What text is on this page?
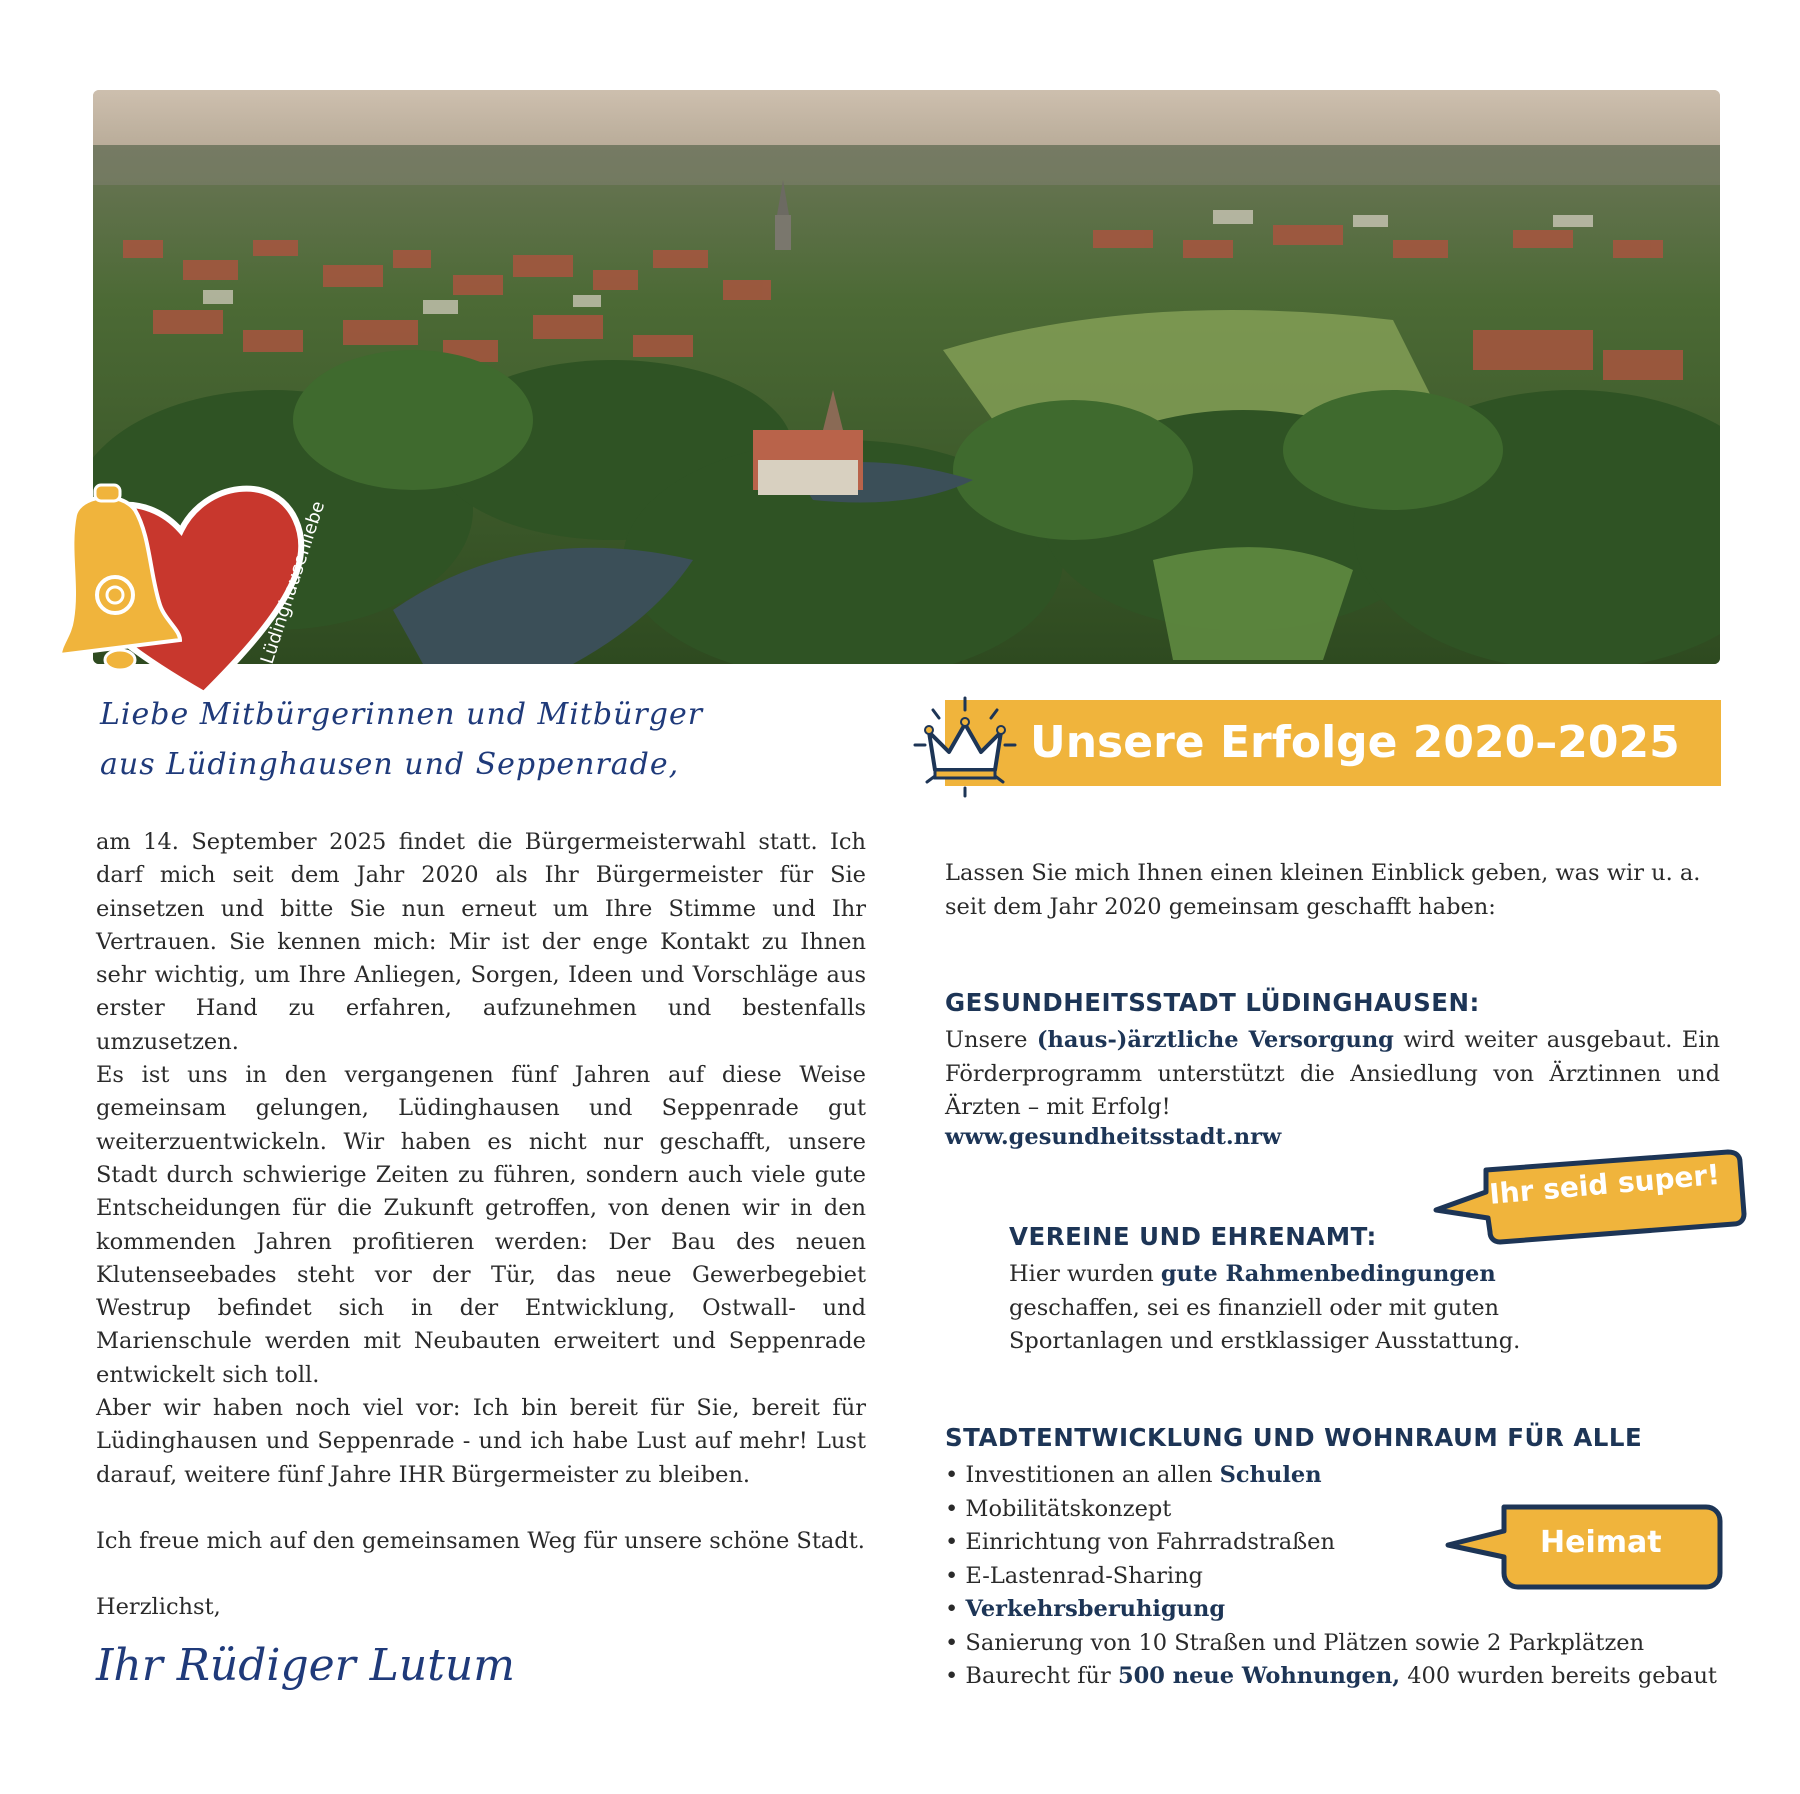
Lüdinghausenliebe
Liebe Mitbürgerinnen und Mitbürger
aus Lüdinghausen und Seppenrade,

am 14. September 2025 findet die Bürgermeisterwahl statt. Ich darf mich seit dem Jahr 2020 als Ihr Bürgermeister für Sie einsetzen und bitte Sie nun erneut um Ihre Stimme und Ihr Vertrauen. Sie kennen mich: Mir ist der enge Kontakt zu Ihnen sehr wichtig, um Ihre Anliegen, Sorgen, Ideen und Vorschläge aus erster Hand zu erfahren, aufzunehmen und bestenfalls umzusetzen.

Es ist uns in den vergangenen fünf Jahren auf diese Weise gemeinsam gelungen, Lüdinghausen und Seppenrade gut weiterzuentwickeln. Wir haben es nicht nur geschafft, unsere Stadt durch schwierige Zeiten zu führen, sondern auch viele gute Entscheidungen für die Zukunft getroffen, von denen wir in den kommenden Jahren profitieren werden: Der Bau des neuen Klutenseebades steht vor der Tür, das neue Gewerbegebiet Westrup befindet sich in der Entwicklung, Ostwall- und Marienschule werden mit Neubauten erweitert und Seppenrade entwickelt sich toll.

Aber wir haben noch viel vor: Ich bin bereit für Sie, bereit für Lüdinghausen und Seppenrade - und ich habe Lust auf mehr! Lust darauf, weitere fünf Jahre IHR Bürgermeister zu bleiben.

Ich freue mich auf den gemeinsamen Weg für unsere schöne Stadt.

Herzlichst,

Ihr Rüdiger Lutum
Unsere Erfolge 2020–2025

Lassen Sie mich Ihnen einen kleinen Einblick geben, was wir u. a. seit dem Jahr 2020 gemeinsam geschafft haben:

GESUNDHEITSSTADT LÜDINGHAUSEN:

Unsere (haus-)ärztliche Versorgung wird weiter ausgebaut. Ein Förderprogramm unterstützt die Ansiedlung von Ärztinnen und Ärzten – mit Erfolg!

www.gesundheitsstadt.nrw
Ihr seid super!
VEREINE UND EHRENAMT:

Hier wurden gute Rahmenbedingungen geschaffen, sei es finanziell oder mit guten Sportanlagen und erstklassiger Ausstattung.

STADTENTWICKLUNG UND WOHNRAUM FÜR ALLE
• Investitionen an allen Schulen
• Mobilitätskonzept
• Einrichtung von Fahrradstraßen
• E-Lastenrad-Sharing
• Verkehrsberuhigung
• Sanierung von 10 Straßen und Plätzen sowie 2 Parkplätzen
• Baurecht für 500 neue Wohnungen, 400 wurden bereits gebaut
Heimat
